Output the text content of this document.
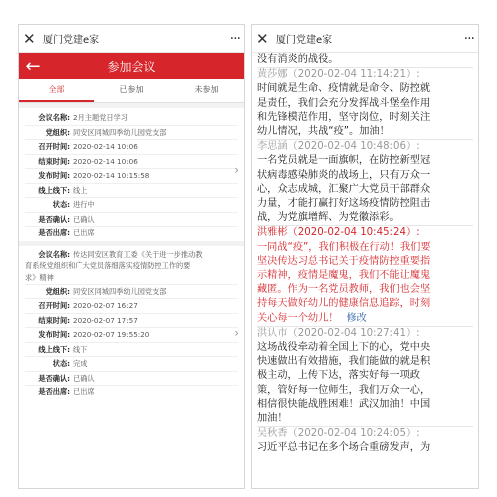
✕ 厦门党建e家	···
←	参加会议
全部	已参加	未参加
会议名称: 2月主题党日学习
党组织: 同安区同城四季幼儿园党支部
召开时间: 2020-02-14 10:06
结束时间: 2020-02-14 10:06
发布时间: 2020-02-14 10:15:58
线上线下: 线上
状态: 进行中
是否确认: 已确认
是否出席: 已出席
›
会议名称: 传达同安区教育工委《关于进一步推动教
育系统党组织和广大党员落细落实疫情防控工作的要
求》精神
党组织: 同安区同城四季幼儿园党支部
召开时间: 2020-02-07 16:27
结束时间: 2020-02-07 17:57
发布时间: 2020-02-07 19:55:20
线上线下: 线下
状态: 完成
是否确认: 已确认
是否出席: 已出席
›
✕ 厦门党建e家	···
没有消炎的战役。
黄莎娜（2020-02-04 11:14:21）:
时间就是生命、疫情就是命令、防控就
是责任，我们会充分发挥战斗堡垒作用
和先锋模范作用，坚守岗位，时刻关注
幼儿情况，共战“疫”。加油！
李思涵（2020-02-04 10:48:06）:
一名党员就是一面旗帜，在防控新型冠
状病毒感染肺炎的战场上，只有万众一
心，众志成城，汇聚广大党员干部群众
力量，才能打赢打好这场疫情防控阻击
战，为党旗增辉、为党徽添彩。
洪雅彬（2020-02-04 10:45:24）:
一同战“疫”，我们积极在行动！我们要
坚决传达习总书记关于疫情防控重要指
示精神，疫情是魔鬼，我们不能让魔鬼
藏匿。作为一名党员教师，我们也会坚
持每天做好幼儿的健康信息追踪，时刻
关心每一个幼儿！ 修改
洪认市（2020-02-04 10:27:41）:
这场战役牵动着全国上下的心，党中央
快速做出有效措施，我们能做的就是积
极主动，上传下达，落实好每一项政
策，管好每一位师生，我们万众一心，
相信很快能战胜困难！武汉加油！中国
加油！
吴秋香（2020-02-04 10:24:05）:
习近平总书记在多个场合重磅发声，为
